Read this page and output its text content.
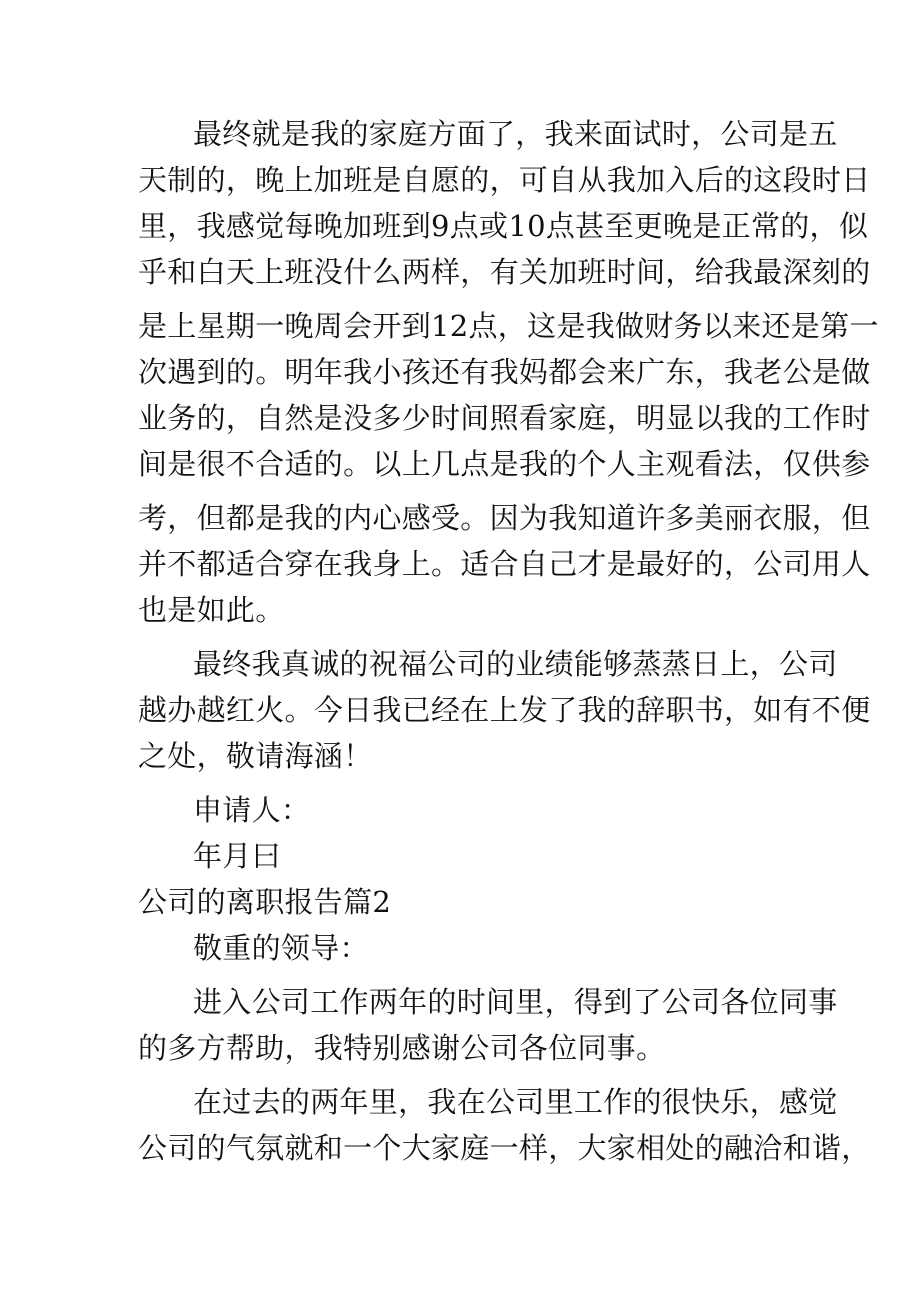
最终就是我的家庭方面了，我来面试时，公司是五
天制的，晚上加班是自愿的，可自从我加入后的这段时日
里，我感觉每晚加班到9点或10点甚至更晚是正常的，似
乎和白天上班没什么两样，有关加班时间，给我最深刻的
是上星期一晚周会开到12点，这是我做财务以来还是第一
次遇到的。明年我小孩还有我妈都会来广东，我老公是做
业务的，自然是没多少时间照看家庭，明显以我的工作时
间是很不合适的。以上几点是我的个人主观看法，仅供参
考，但都是我的内心感受。因为我知道许多美丽衣服，但
并不都适合穿在我身上。适合自己才是最好的，公司用人
也是如此。
最终我真诚的祝福公司的业绩能够蒸蒸日上，公司
越办越红火。今日我已经在上发了我的辞职书，如有不便
之处，敬请海涵！
申请人：
年月曰
公司的离职报告篇2
敬重的领导：
进入公司工作两年的时间里，得到了公司各位同事
的多方帮助，我特别感谢公司各位同事。
在过去的两年里，我在公司里工作的很快乐，感觉
公司的气氛就和一个大家庭一样，大家相处的融洽和谐，
